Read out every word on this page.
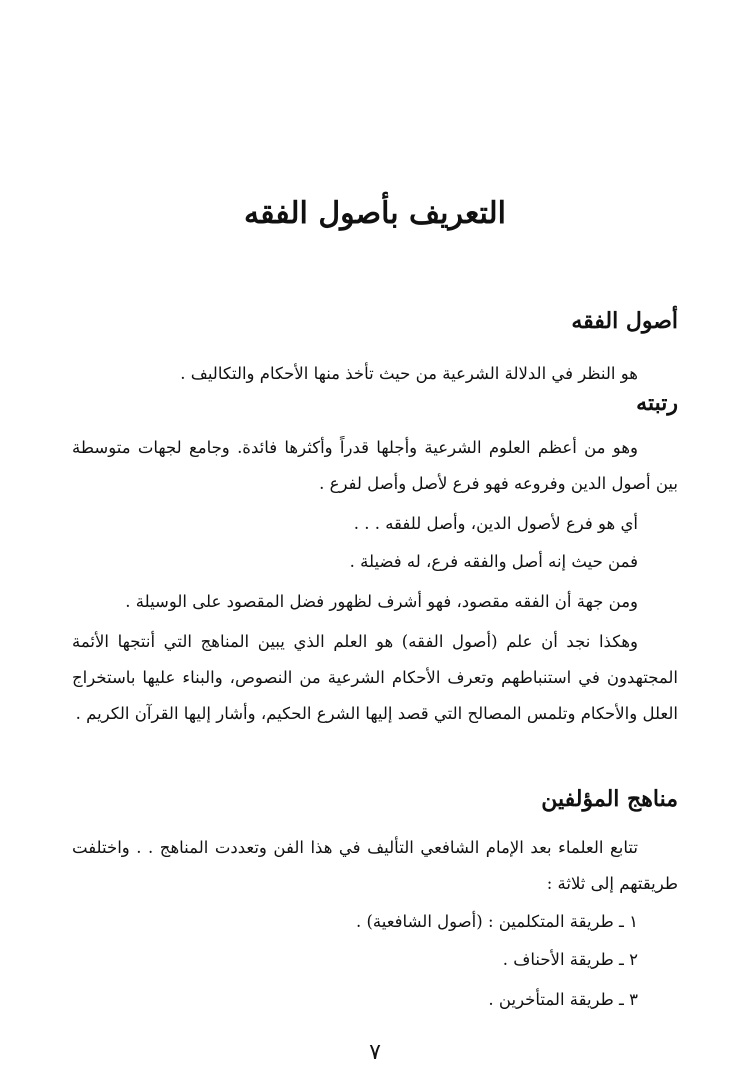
التعريف بأصول الفقه
أصول الفقه
هو النظر في الدلالة الشرعية من حيث تأخذ منها الأحكام والتكاليف .
رتبته
وهو من أعظم العلوم الشرعية وأجلها قدراً وأكثرها فائدة. وجامع لجهات متوسطة بين أصول الدين وفروعه فهو فرع لأصل وأصل لفرع .
أي هو فرع لأصول الدين، وأصل للفقه . . .
فمن حيث إنه أصل والفقه فرع، له فضيلة .
ومن جهة أن الفقه مقصود، فهو أشرف لظهور فضل المقصود على الوسيلة .
وهكذا نجد أن علم (أصول الفقه) هو العلم الذي يبين المناهج التي أنتجها الأئمة المجتهدون في استنباطهم وتعرف الأحكام الشرعية من النصوص، والبناء عليها باستخراج العلل والأحكام وتلمس المصالح التي قصد إليها الشرع الحكيم، وأشار إليها القرآن الكريم .
مناهج المؤلفين
تتابع العلماء بعد الإمام الشافعي التأليف في هذا الفن وتعددت المناهج . . واختلفت طريقتهم إلى ثلاثة :
١ ـ طريقة المتكلمين : (أصول الشافعية) .
٢ ـ طريقة الأحناف .
٣ ـ طريقة المتأخرين .
٧
